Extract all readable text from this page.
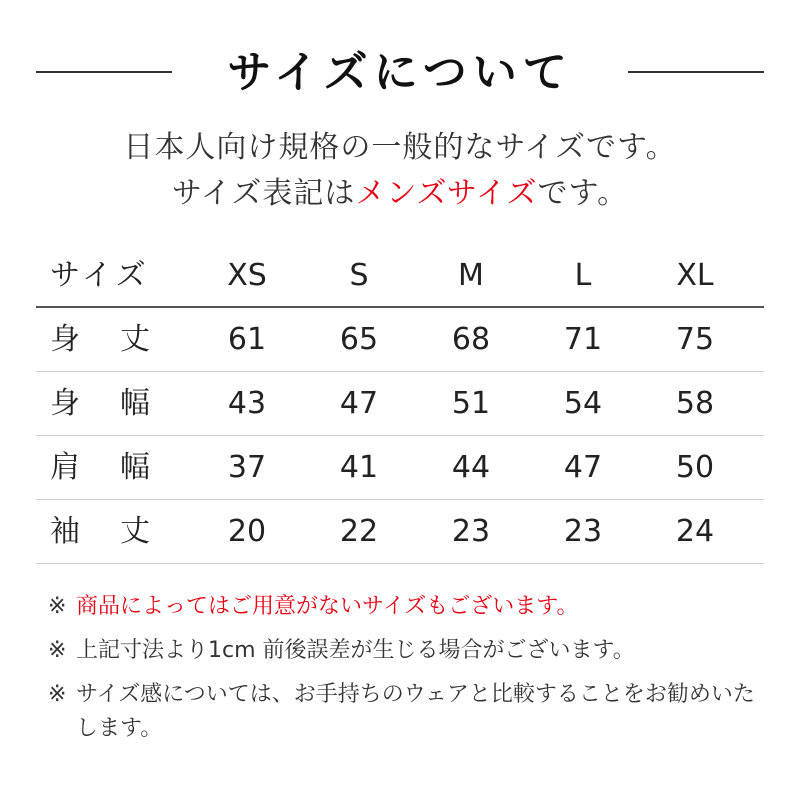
サイズについて
日本人向け規格の一般的なサイズです。
サイズ表記はメンズサイズです。
サイズ	XS	S	M	L	XL
身 丈	61	65	68	71	75
身 幅	43	47	51	54	58
肩 幅	37	41	44	47	50
袖 丈	20	22	23	23	24
※ 商品によってはご用意がないサイズもございます。
※ 上記寸法より1cm 前後誤差が生じる場合がございます。
※ サイズ感については、お手持ちのウェアと比較することをお勧めいたします。
